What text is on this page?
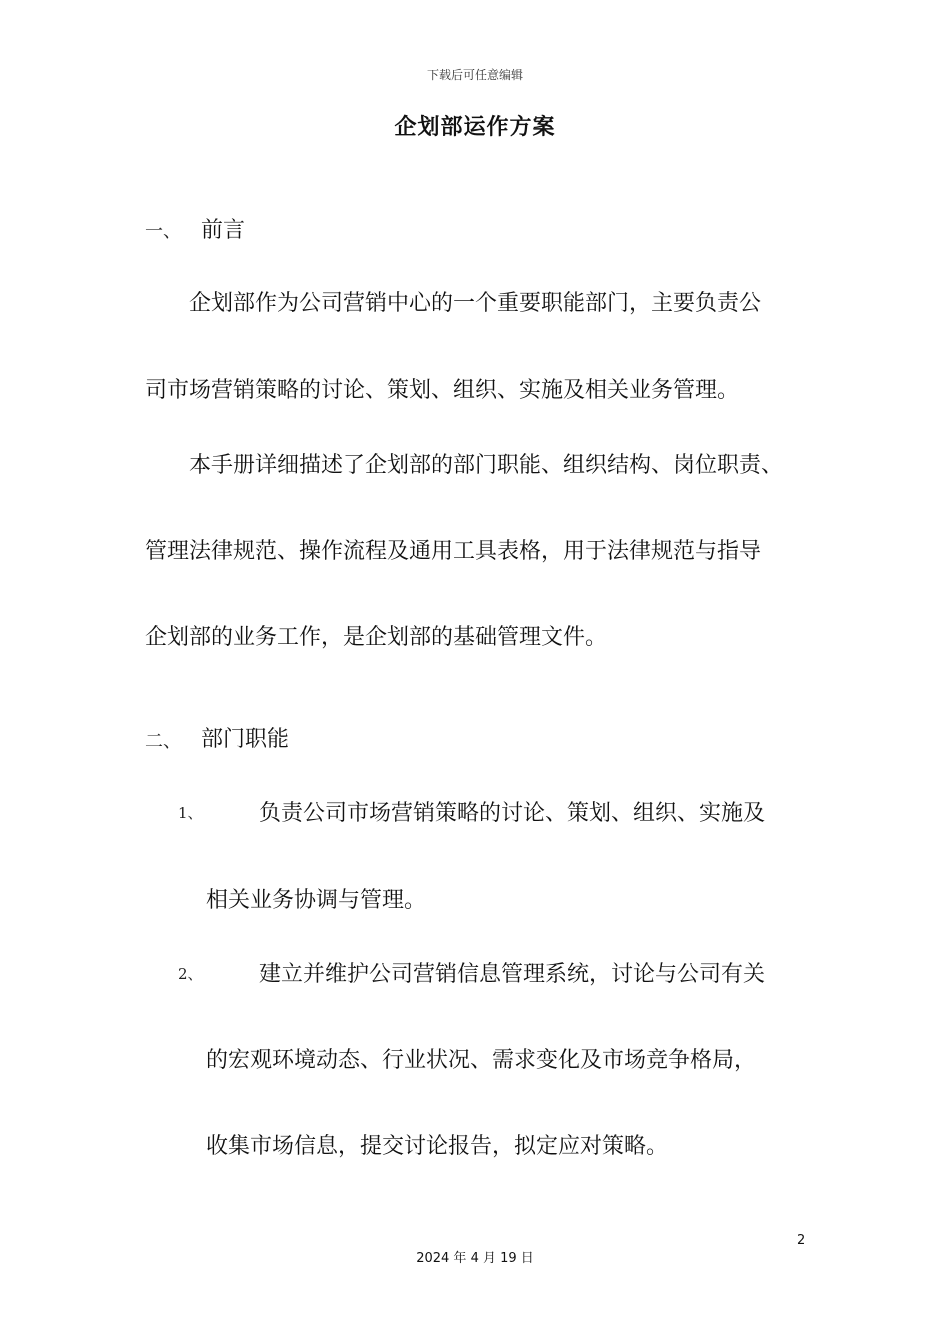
下载后可任意编辑
企划部运作方案
一、 前言
企划部作为公司营销中心的一个重要职能部门，主要负责公
司市场营销策略的讨论、策划、组织、实施及相关业务管理。
本手册详细描述了企划部的部门职能、组织结构、岗位职责、
管理法律规范、操作流程及通用工具表格，用于法律规范与指导
企划部的业务工作，是企划部的基础管理文件。
二、 部门职能
1、	负责公司市场营销策略的讨论、策划、组织、实施及
相关业务协调与管理。
2、	建立并维护公司营销信息管理系统，讨论与公司有关
的宏观环境动态、行业状况、需求变化及市场竞争格局，
收集市场信息，提交讨论报告，拟定应对策略。
2
2024 年 4 月 19 日
